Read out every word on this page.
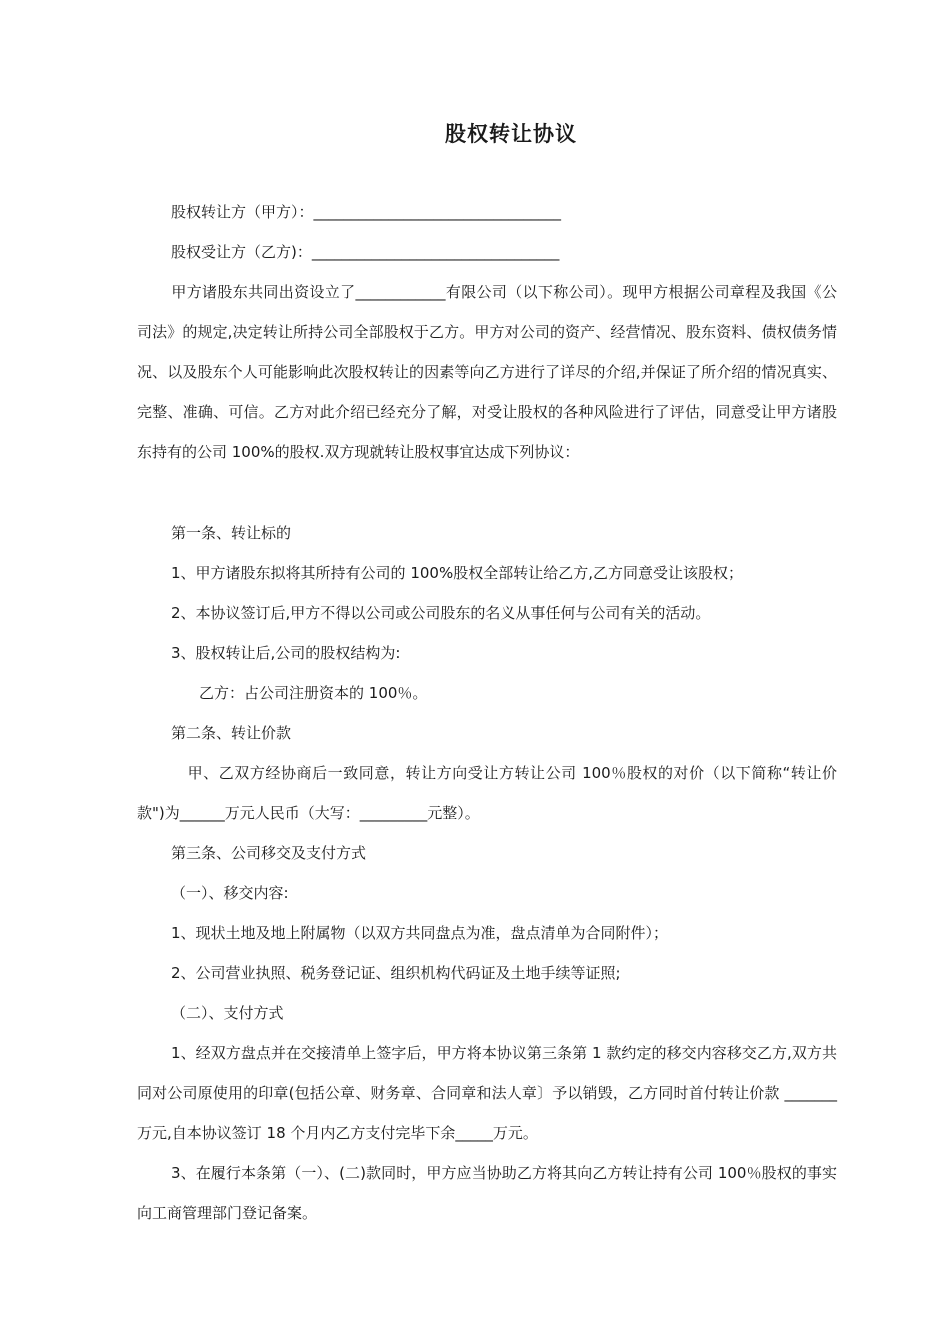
股权转让协议
股权转让方（甲方）：_________________________________
股权受让方（乙方)：_________________________________
甲方诸股东共同出资设立了____________有限公司（以下称公司）。现甲方根据公司章程及我国《公司法》的规定,决定转让所持公司全部股权于乙方。甲方对公司的资产、经营情况、股东资料、债权债务情况、以及股东个人可能影响此次股权转让的因素等向乙方进行了详尽的介绍,并保证了所介绍的情况真实、完整、准确、可信。乙方对此介绍已经充分了解，对受让股权的各种风险进行了评估，同意受让甲方诸股东持有的公司 100%的股权.双方现就转让股权事宜达成下列协议：
第一条、转让标的
1、甲方诸股东拟将其所持有公司的 100%股权全部转让给乙方,乙方同意受让该股权；
2、本协议签订后,甲方不得以公司或公司股东的名义从事任何与公司有关的活动。
3、股权转让后,公司的股权结构为:
乙方：占公司注册资本的 100％。
第二条、转让价款
甲、乙双方经协商后一致同意，转让方向受让方转让公司 100％股权的对价（以下简称“转让价款")为______万元人民币（大写：_________元整）。
第三条、公司移交及支付方式
（一）、移交内容:
1、现状土地及地上附属物（以双方共同盘点为准，盘点清单为合同附件）；
2、公司营业执照、税务登记证、组织机构代码证及土地手续等证照;
（二）、支付方式
1、经双方盘点并在交接清单上签字后，甲方将本协议第三条第 1 款约定的移交内容移交乙方,双方共同对公司原使用的印章(包括公章、财务章、合同章和法人章〕予以销毁，乙方同时首付转让价款 _______万元,自本协议签订 18 个月内乙方支付完毕下余_____万元。
3、在履行本条第（一）、(二)款同时，甲方应当协助乙方将其向乙方转让持有公司 100％股权的事实向工商管理部门登记备案。
